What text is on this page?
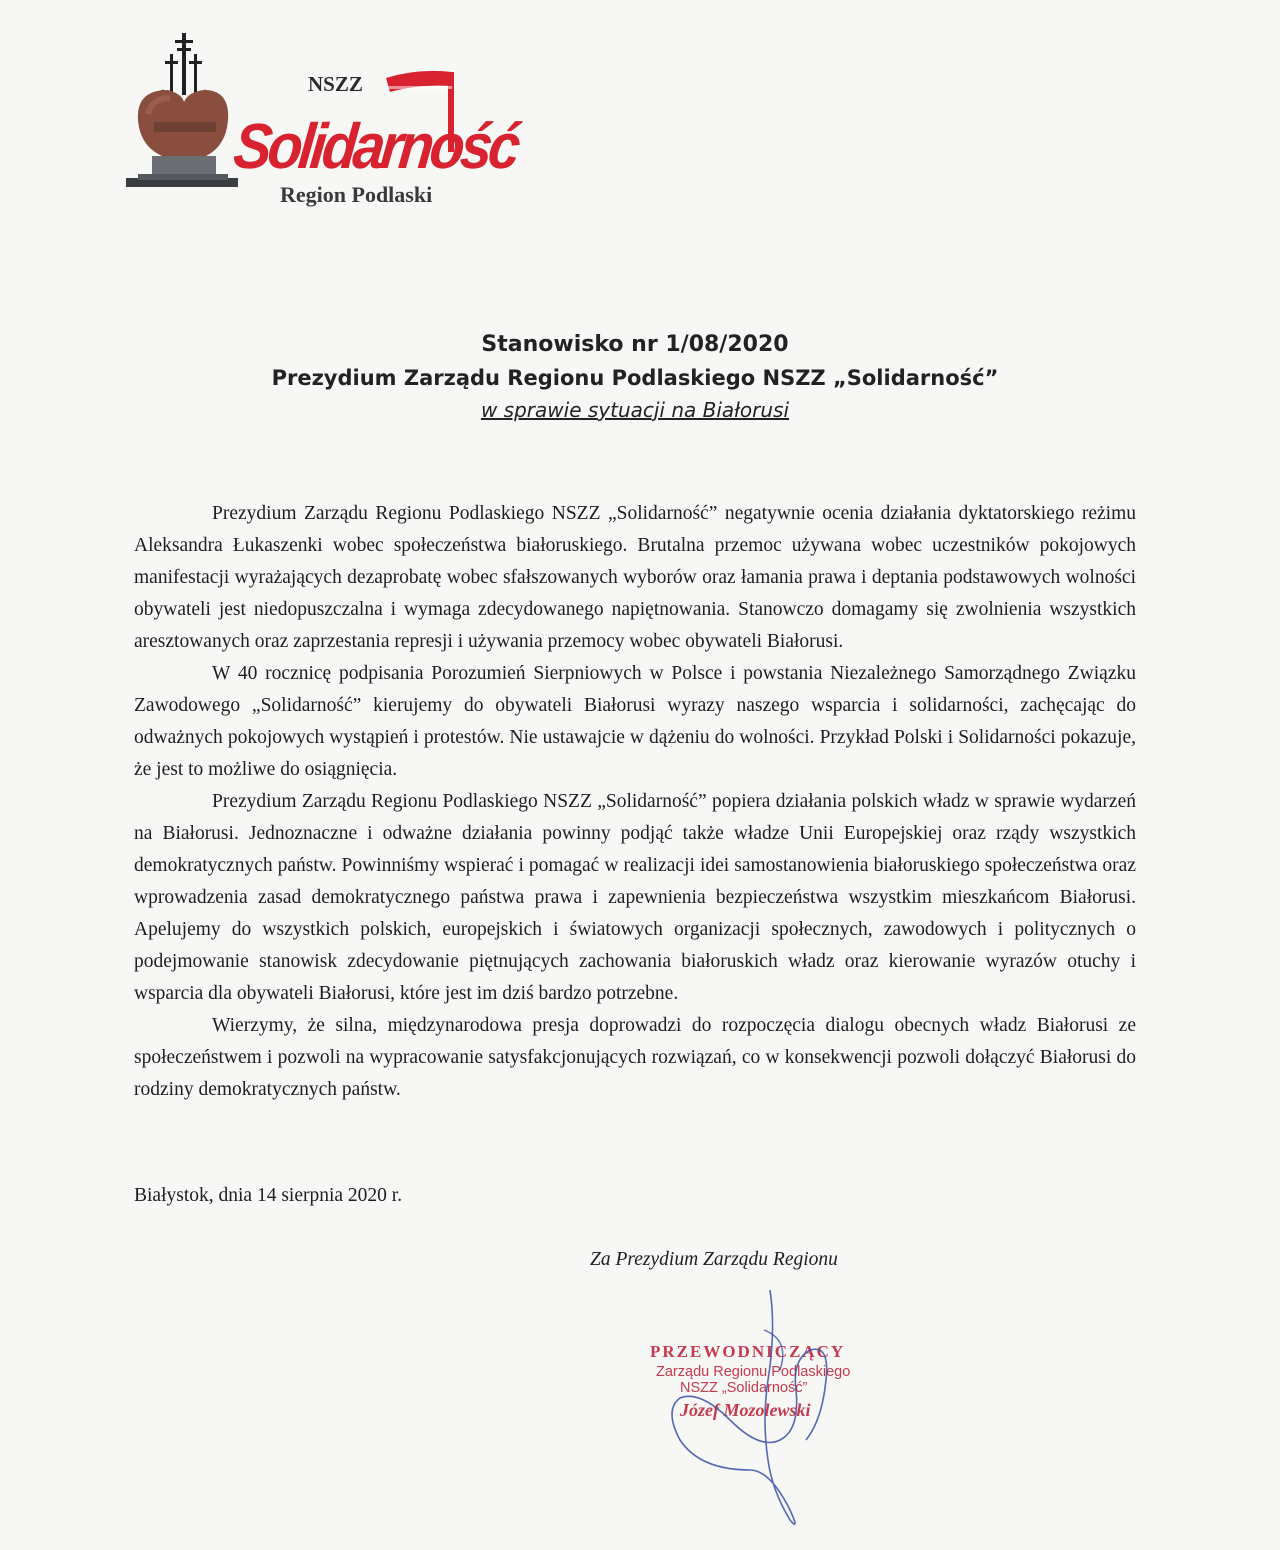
NSZZ
Solidarność
Region Podlaski
Stanowisko nr 1/08/2020
Prezydium Zarządu Regionu Podlaskiego NSZZ „Solidarność”
w sprawie sytuacji na Białorusi

Prezydium Zarządu Regionu Podlaskiego NSZZ „Solidarność” negatywnie ocenia działania dyktatorskiego reżimu Aleksandra Łukaszenki wobec społeczeństwa białoruskiego. Brutalna przemoc używana wobec uczestników pokojowych manifestacji wyrażających dezaprobatę wobec sfałszowanych wyborów oraz łamania prawa i deptania podstawowych wolności obywateli jest niedopuszczalna i wymaga zdecydowanego napiętnowania. Stanowczo domagamy się zwolnienia wszystkich aresztowanych oraz zaprzestania represji i używania przemocy wobec obywateli Białorusi.

W 40 rocznicę podpisania Porozumień Sierpniowych w Polsce i powstania Niezależnego Samorządnego Związku Zawodowego „Solidarność” kierujemy do obywateli Białorusi wyrazy naszego wsparcia i solidarności, zachęcając do odważnych pokojowych wystąpień i protestów. Nie ustawajcie w dążeniu do wolności. Przykład Polski i Solidarności pokazuje, że jest to możliwe do osiągnięcia.

Prezydium Zarządu Regionu Podlaskiego NSZZ „Solidarność” popiera działania polskich władz w sprawie wydarzeń na Białorusi. Jednoznaczne i odważne działania powinny podjąć także władze Unii Europejskiej oraz rządy wszystkich demokratycznych państw. Powinniśmy wspierać i pomagać w realizacji idei samostanowienia białoruskiego społeczeństwa oraz wprowadzenia zasad demokratycznego państwa prawa i zapewnienia bezpieczeństwa wszystkim mieszkańcom Białorusi. Apelujemy do wszystkich polskich, europejskich i światowych organizacji społecznych, zawodowych i politycznych o podejmowanie stanowisk zdecydowanie piętnujących zachowania białoruskich władz oraz kierowanie wyrazów otuchy i wsparcia dla obywateli Białorusi, które jest im dziś bardzo potrzebne.

Wierzymy, że silna, międzynarodowa presja doprowadzi do rozpoczęcia dialogu obecnych władz Białorusi ze społeczeństwem i pozwoli na wypracowanie satysfakcjonujących rozwiązań, co w konsekwencji pozwoli dołączyć Białorusi do rodziny demokratycznych państw.

Białystok, dnia 14 sierpnia 2020 r.
Za Prezydium Zarządu Regionu
PRZEWODNICZĄCY
Zarządu Regionu Podlaskiego
NSZZ „Solidarność”
Józef Mozolewski
